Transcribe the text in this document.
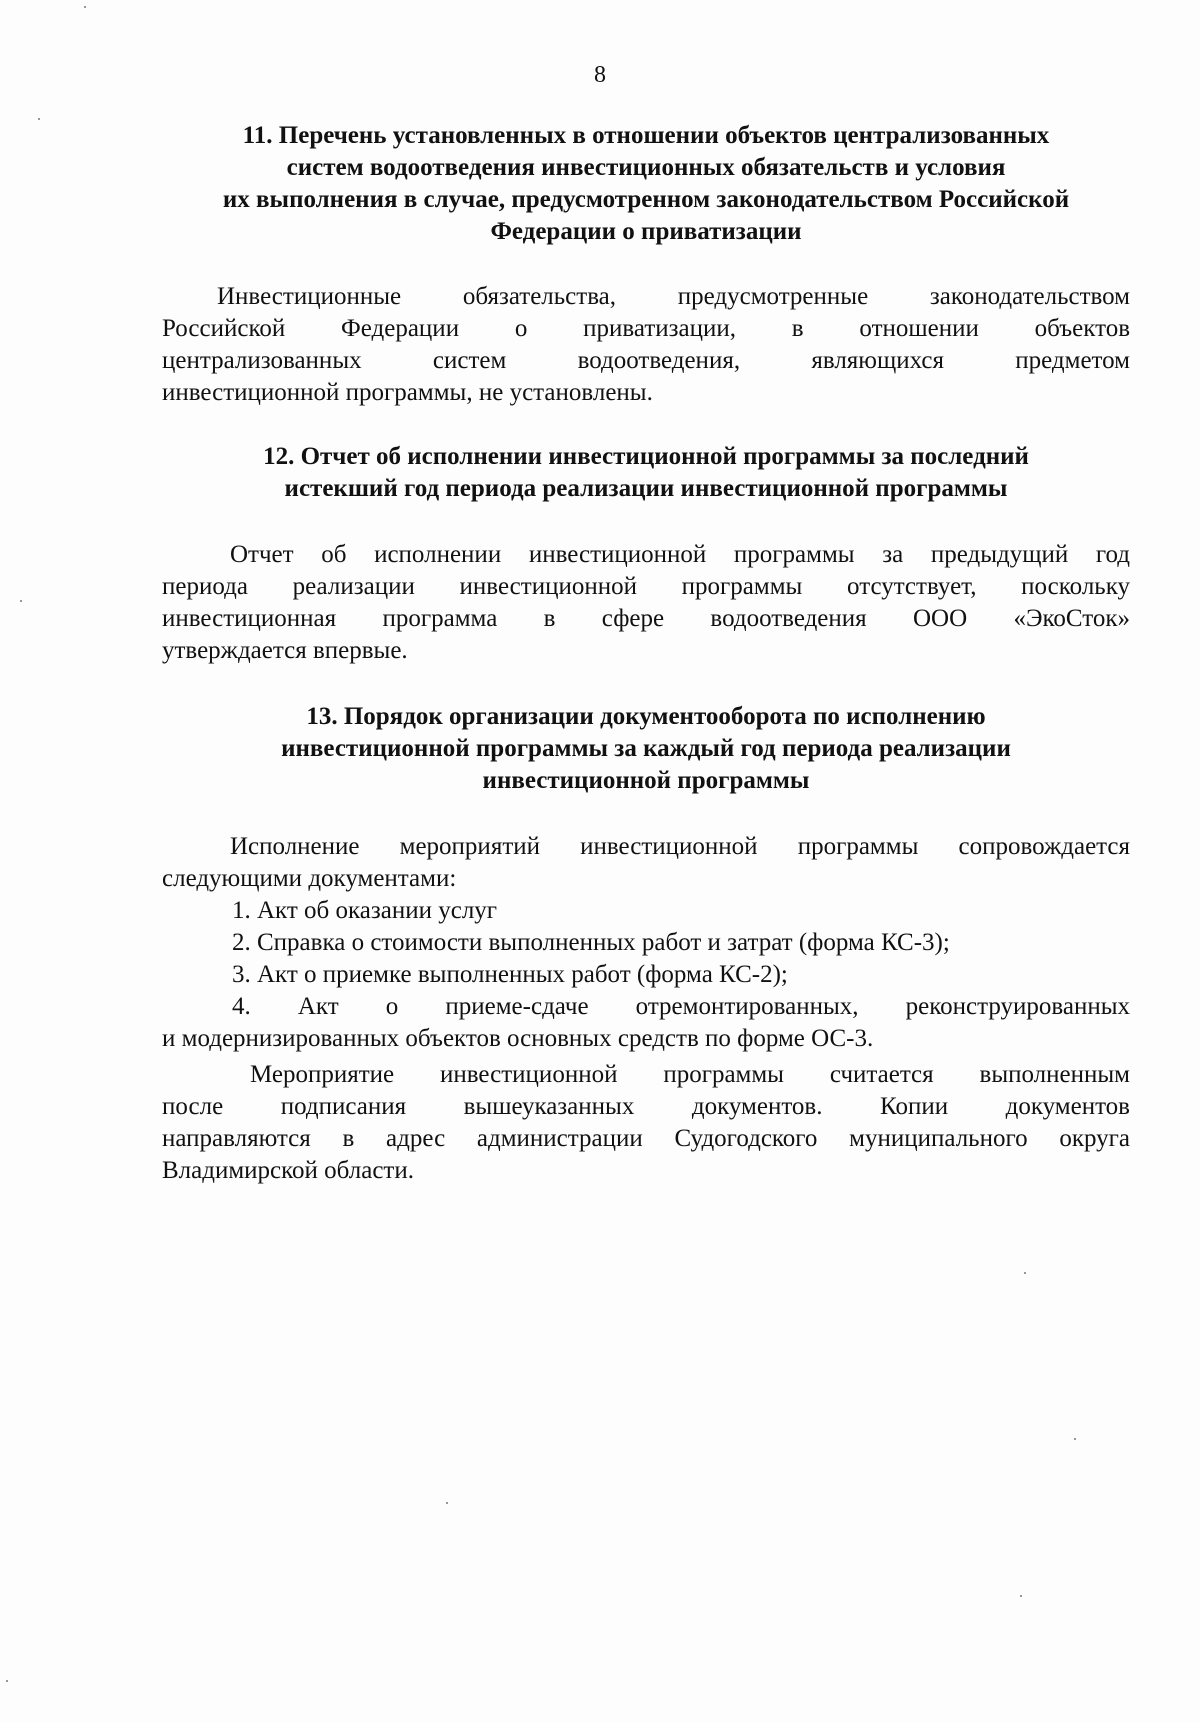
8
11. Перечень установленных в отношении объектов централизованных
систем водоотведения инвестиционных обязательств и условия
их выполнения в случае, предусмотренном законодательством Российской
Федерации о приватизации
Инвестиционные обязательства, предусмотренные законодательством
Российской Федерации о приватизации, в отношении объектов
централизованных систем водоотведения, являющихся предметом
инвестиционной программы, не установлены.
12. Отчет об исполнении инвестиционной программы за последний
истекший год периода реализации инвестиционной программы
Отчет об исполнении инвестиционной программы за предыдущий год
периода реализации инвестиционной программы отсутствует, поскольку
инвестиционная программа в сфере водоотведения ООО «ЭкоСток»
утверждается впервые.
13. Порядок организации документооборота по исполнению
инвестиционной программы за каждый год периода реализации
инвестиционной программы
Исполнение мероприятий инвестиционной программы сопровождается
следующими документами:
1. Акт об оказании услуг
2. Справка о стоимости выполненных работ и затрат (форма КС-3);
3. Акт о приемке выполненных работ (форма КС-2);
4. Акт о приеме-сдаче отремонтированных, реконструированных
и модернизированных объектов основных средств по форме ОС-3.
Мероприятие инвестиционной программы считается выполненным
после подписания вышеуказанных документов. Копии документов
направляются в адрес администрации Судогодского муниципального округа
Владимирской области.
